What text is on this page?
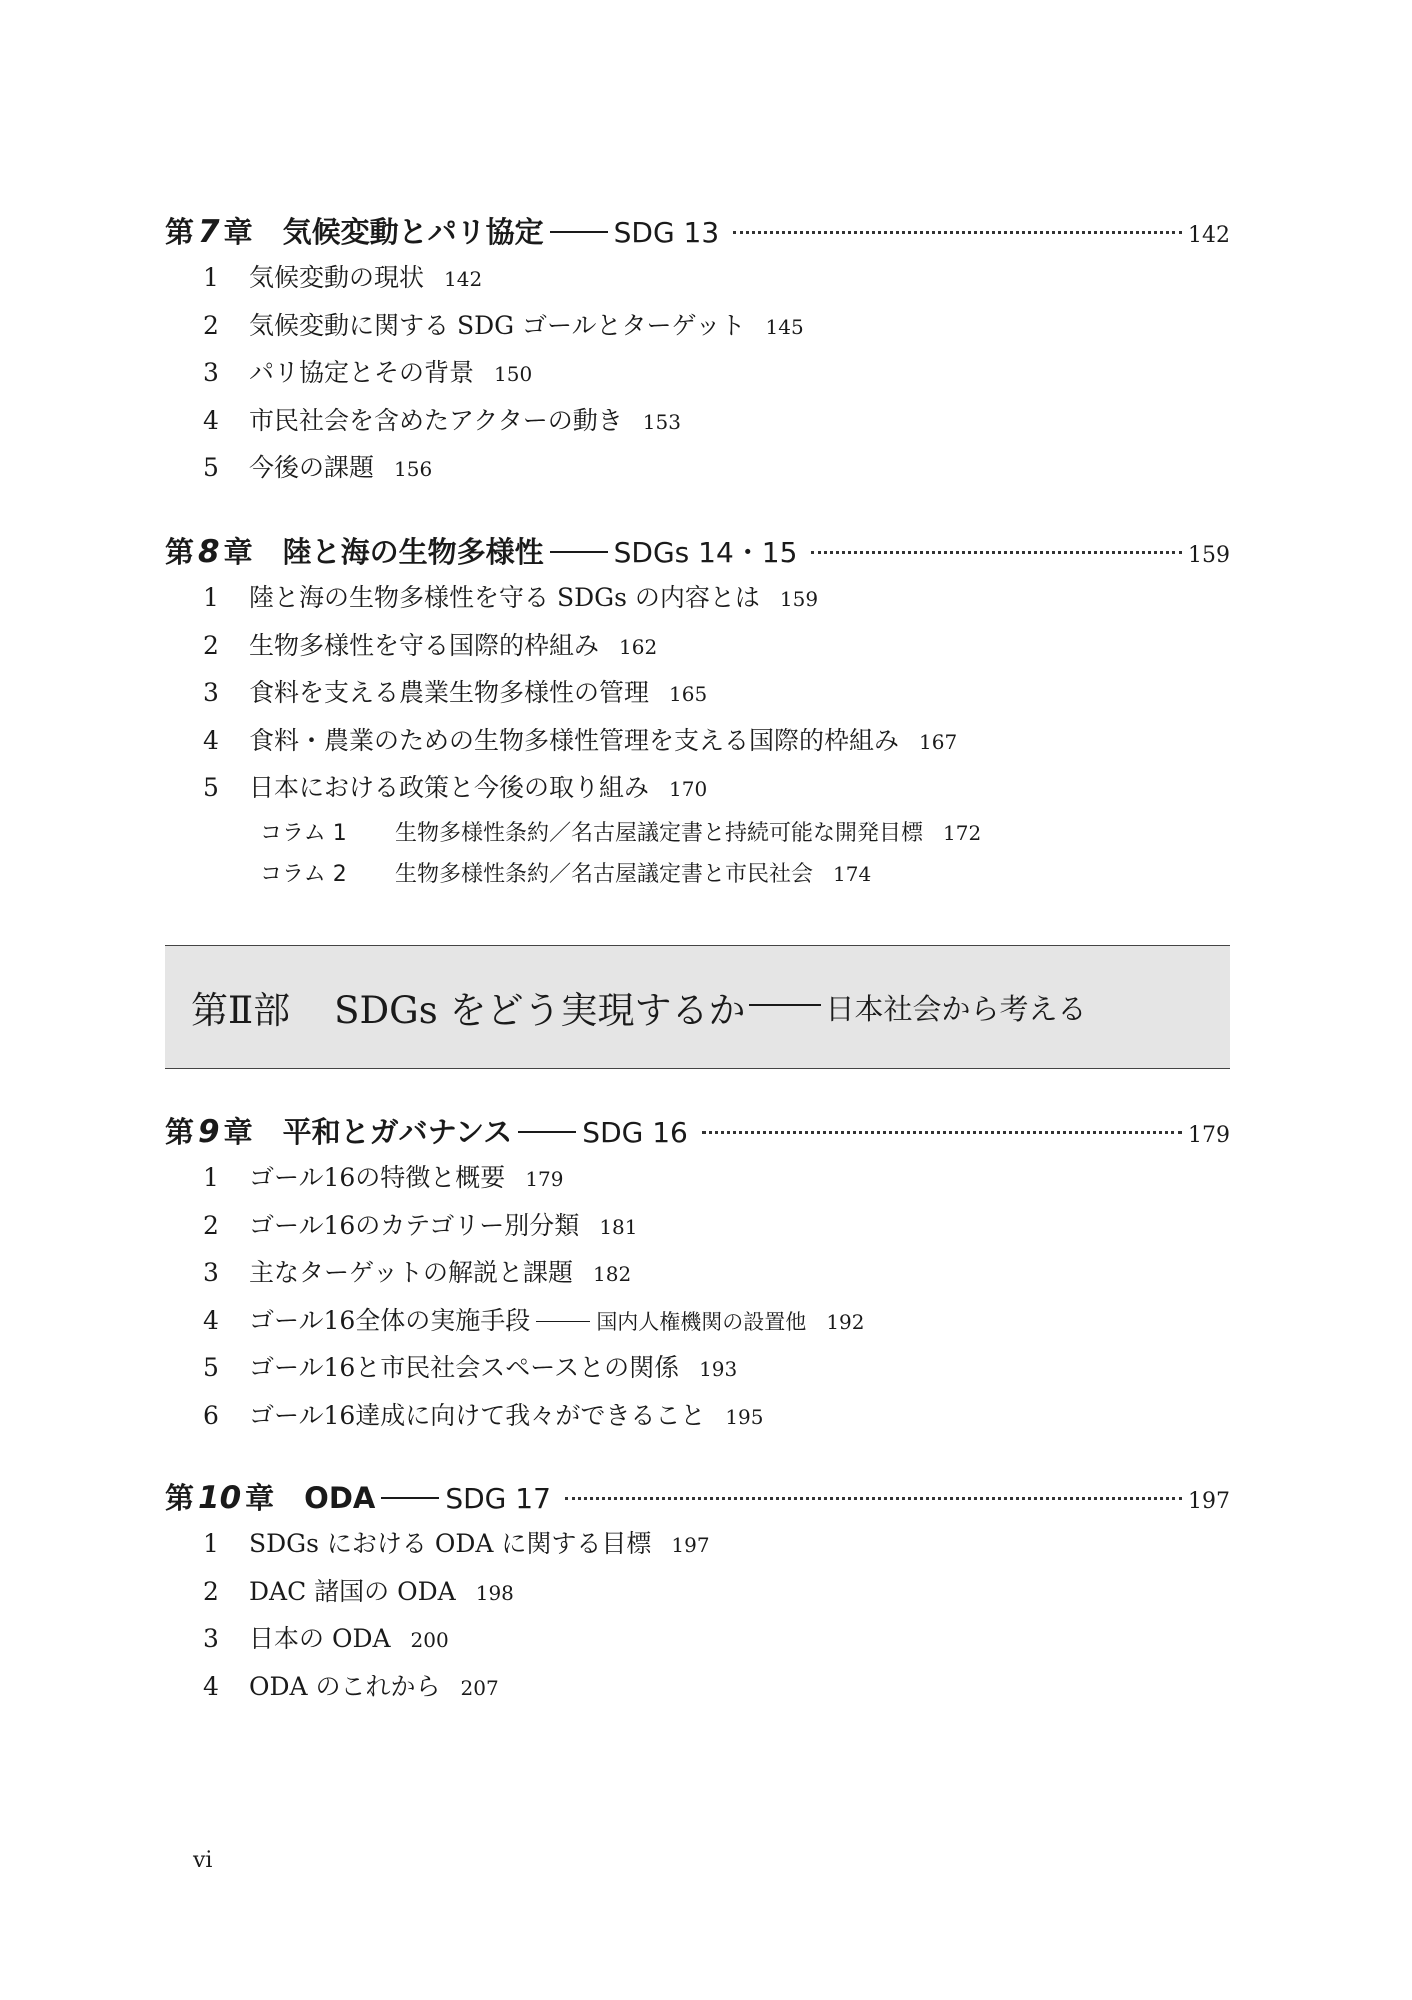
第 7 章 気候変動とパリ協定	SDG 13	142
1	気候変動の現状 142
2	気候変動に関する SDG ゴールとターゲット 145
3	パリ協定とその背景 150
4	市民社会を含めたアクターの動き 153
5	今後の課題 156
第 8 章 陸と海の生物多様性	SDGs 14・15	159
1	陸と海の生物多様性を守る SDGs の内容とは 159
2	生物多様性を守る国際的枠組み 162
3	食料を支える農業生物多様性の管理 165
4	食料・農業のための生物多様性管理を支える国際的枠組み 167
5	日本における政策と今後の取り組み 170
コラム 1	生物多様性条約／名古屋議定書と持続可能な開発目標 172
コラム 2	生物多様性条約／名古屋議定書と市民社会 174
第Ⅱ部 SDGs をどう実現するか	日本社会から考える
第 9 章 平和とガバナンス	SDG 16	179
1	ゴール16の特徴と概要 179
2	ゴール16のカテゴリー別分類 181
3	主なターゲットの解説と課題 182
4	ゴール16全体の実施手段	国内人権機関の設置他 192
5	ゴール16と市民社会スペースとの関係 193
6	ゴール16達成に向けて我々ができること 195
第 10 章 ODA	SDG 17	197
1	SDGs における ODA に関する目標 197
2	DAC 諸国の ODA 198
3	日本の ODA 200
4	ODA のこれから 207
vi
